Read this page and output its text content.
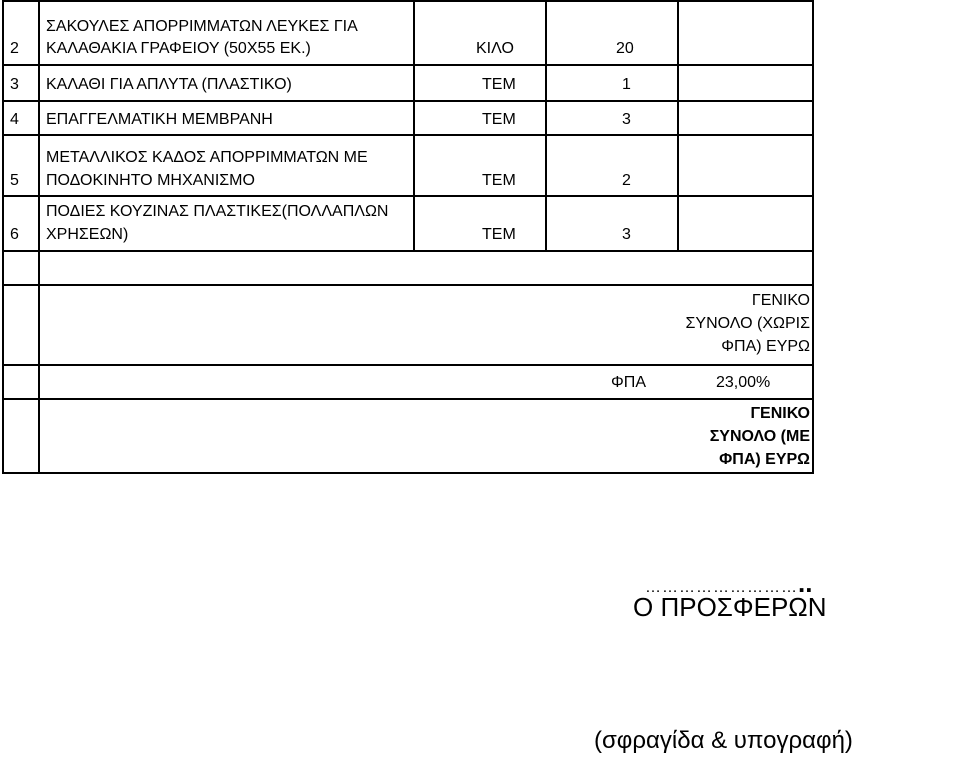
2
ΣΑΚΟΥΛΕΣ ΑΠΟΡΡΙΜΜΑΤΩΝ ΛΕΥΚΕΣ ΓΙΑ
ΚΑΛΑΘΑΚΙΑ ΓΡΑΦΕΙΟΥ (50Χ55 ΕΚ.)	ΚΙΛΟ	20
3 ΚΑΛΑΘΙ ΓΙΑ ΑΠΛΥΤΑ (ΠΛΑΣΤΙΚΟ)	ΤΕΜ	1
4 ΕΠΑΓΓΕΛΜΑΤΙΚΗ ΜΕΜΒΡΑΝΗ	ΤΕΜ	3
5
ΜΕΤΑΛΛΙΚΟΣ ΚΑΔΟΣ ΑΠΟΡΡΙΜΜΑΤΩΝ ΜΕ
ΠΟΔΟΚΙΝΗΤΟ ΜΗΧΑΝΙΣΜΟ	ΤΕΜ	2
6
ΠΟΔΙΕΣ ΚΟΥΖΙΝΑΣ ΠΛΑΣΤΙΚΕΣ(ΠΟΛΛΑΠΛΩΝ
ΧΡΗΣΕΩΝ)	ΤΕΜ	3
ΓΕΝΙΚΟ
ΣΥΝΟΛΟ (ΧΩΡΙΣ
ΦΠΑ) ΕΥΡΩ
ΦΠΑ	23,00%
ΓΕΝΙΚΟ
ΣΥΝΟΛΟ (ΜΕ
ΦΠΑ) ΕΥΡΩ
………………………..
Ο ΠΡΟΣΦΕΡΩΝ
(σφραγίδα & υπογραφή)
